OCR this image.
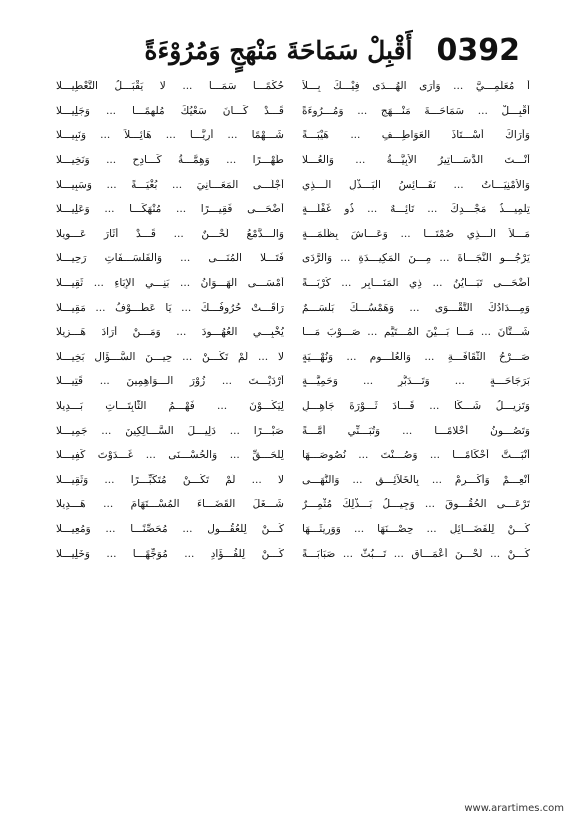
أَقْبِلْ سَمَاحَةَ مَنْهَجٍ وَمُرُوْءَةً 0392
أ مُعَلِّمِـــيَّ ... وَأَرَى الْهُـــدَى فِيْـــكَ بِـــلاَ
حُكْمًـــا سَمَـــا ... لا يَقْبَـــلُ التَّعْطِيـــلا
أَقْبِـــلْ ... سَمَاحَـــةَ مَنْـــهَجٍ ... وَمُـــرُوءَةً
قَـــدْ كَـــانَ سَعْيُكَ مُلْهِمًـــا ... وَجَلِيـــلا
وَأَرَاكَ أُسْـــتَاذَ الْعَوَاطِـــفِ ... هَيْبَـــةً
شَـــهْمًا ... أَرِيًّـــا ... هَائِـــلاً ... وَنَبِيـــلا
أَنْـــتَ الدَّسَـــاتِيرُ الأَبِيَّـــةُ ... وَالْعُـــلا
طُهْـــرًا ... وَهِمَّـــةُ كَـــادِحٍ ... وَنَخِيـــلا
وَالأُمْنِيَـــاتُ ... نَفَـــائِسُ الْبَـــذْلِ الَّـــذِي
أَجْلَـــى الْمَعَـــانِيَ ... بُغْيَـــةً ... وَسَبِيـــلا
تِلْمِيـــذُ مَجْـــدِكَ ... تَائِـــهٌ ... ذُو غَفْلَـــةٍ
أَضْحَـــى فَقِيـــرًا ... مُنْهَكًـــا ... وَعَلِيـــلا
مَـــلأَ الَّـــذِي صُمْتَـــا ... وَعَـــاشَ بِظُلْمَـــةٍ
وَالـــدَّمْعُ لَحْـــنٌ ... قَـــدْ أَثَارَ عَـــوِيلا
يَرْجُـــو النَّجَـــاةَ ... مِـــنَ الْمَكِيـــدَةِ ... وَالرَّدَى
فَتَـــلا الْمُنَـــى ... وَالْفَلْسَـــفَاتِ رَحِيـــلا
أَضْحَـــى تَبَـــايُنُ ... ذِي الْمَنَـــابِرِ ... كُرْبَـــةً
أَمْسَـــى الْهَـــوَانُ ... بَنِـــي الإِبَاءِ ... ثَقِيـــلا
وَمِـــدَادُكَ التَّقْـــوَى ... وَهَمْسُـــكَ بَلْسَـــمٌ
رَاقَـــتْ حُرُوفُـــكَ ... يَا عَطُـــوْفُ ... مَقِيـــلا
شَـــتَّانَ ... مَـــا بَـــيْنَ الْمُـــتَيَّمِ ... صَـــوْبَ مَـــا
يُخْبِـــي الْعُهُـــودَ ... وَمَـــنْ أَرَادَ هَـــزِيلا
صَـــرْحُ الثَّقَافَـــةِ ... وَالْعُلُـــومِ ... وَنُهْـــيَةٍ
لا ... لَمْ تَكُـــنْ ... حِيـــنَ السُّـــؤَالِ بَخِيـــلا
بَرَجَاحَـــةٍ ... وَتَـــدَبُّرٍ ... وَحَمِيَّـــةٍ
أَرْدَيْـــتَ ... زُوْرَ الْـــوَاهِمِينَ ... قَتِيـــلا
وَتَزِيـــلُ شَـــكًّا ... قَـــادَ ثَـــوْرَةَ جَاهِـــلٍ
لِيَكُـــوْنَ ... فَهْـــمُ الثَّابِتَـــاتِ بَـــدِيلا
وَتَصُـــونُ أَحْلامًـــا ... وَتُبَـــنِّي أُمَّـــةً
صَبْـــرًا ... دَلِيـــلَ السَّـــالِكِينَ ... جَمِيـــلا
أَنْبَـــتَّ أَحْكَامًـــا ... وَصُـــنْتَ ... نُصُوصَـــهَا
لِلْحَـــقِّ ... وَالْحُسْـــنَى ... غَـــدَوْتَ كَفِيـــلا
أَنْعِـــمْ وَأَكْـــرِمْ ... بِالْخَلاَئِـــقِ ... وَالنُّهَـــى
لا ... لَمْ تَكُـــنْ مُتَكَبِّـــرًا ... وَثَقِيـــلا
تَرْعَـــى الْحُقُـــوقَ ... وَجِيـــلُ بَـــذْلِكَ مُثْمِـــرٌ
شَـــغَلَ الْقَضَـــاءَ الْمُسْـــتَهَامَ ... هَـــدِيلا
كُـــنْ لِلْفَضَـــائِلِ ... حِصْـــنَهَا ... وَوَرِيثَـــهَا
كُـــنْ لِلْعُقُـــولِ ... مُحَصِّنًـــا ... وَمُعِيـــلا
كُـــنْ ... لَحْـــنَ أَعْمَـــاقٍ ... تَـــبُثُّ ... صَبَابَـــةً
كُـــنْ لِلْفُـــؤَادِ ... مُوَجِّهًـــا ... وَخَلِيـــلا
www.arartimes.com
